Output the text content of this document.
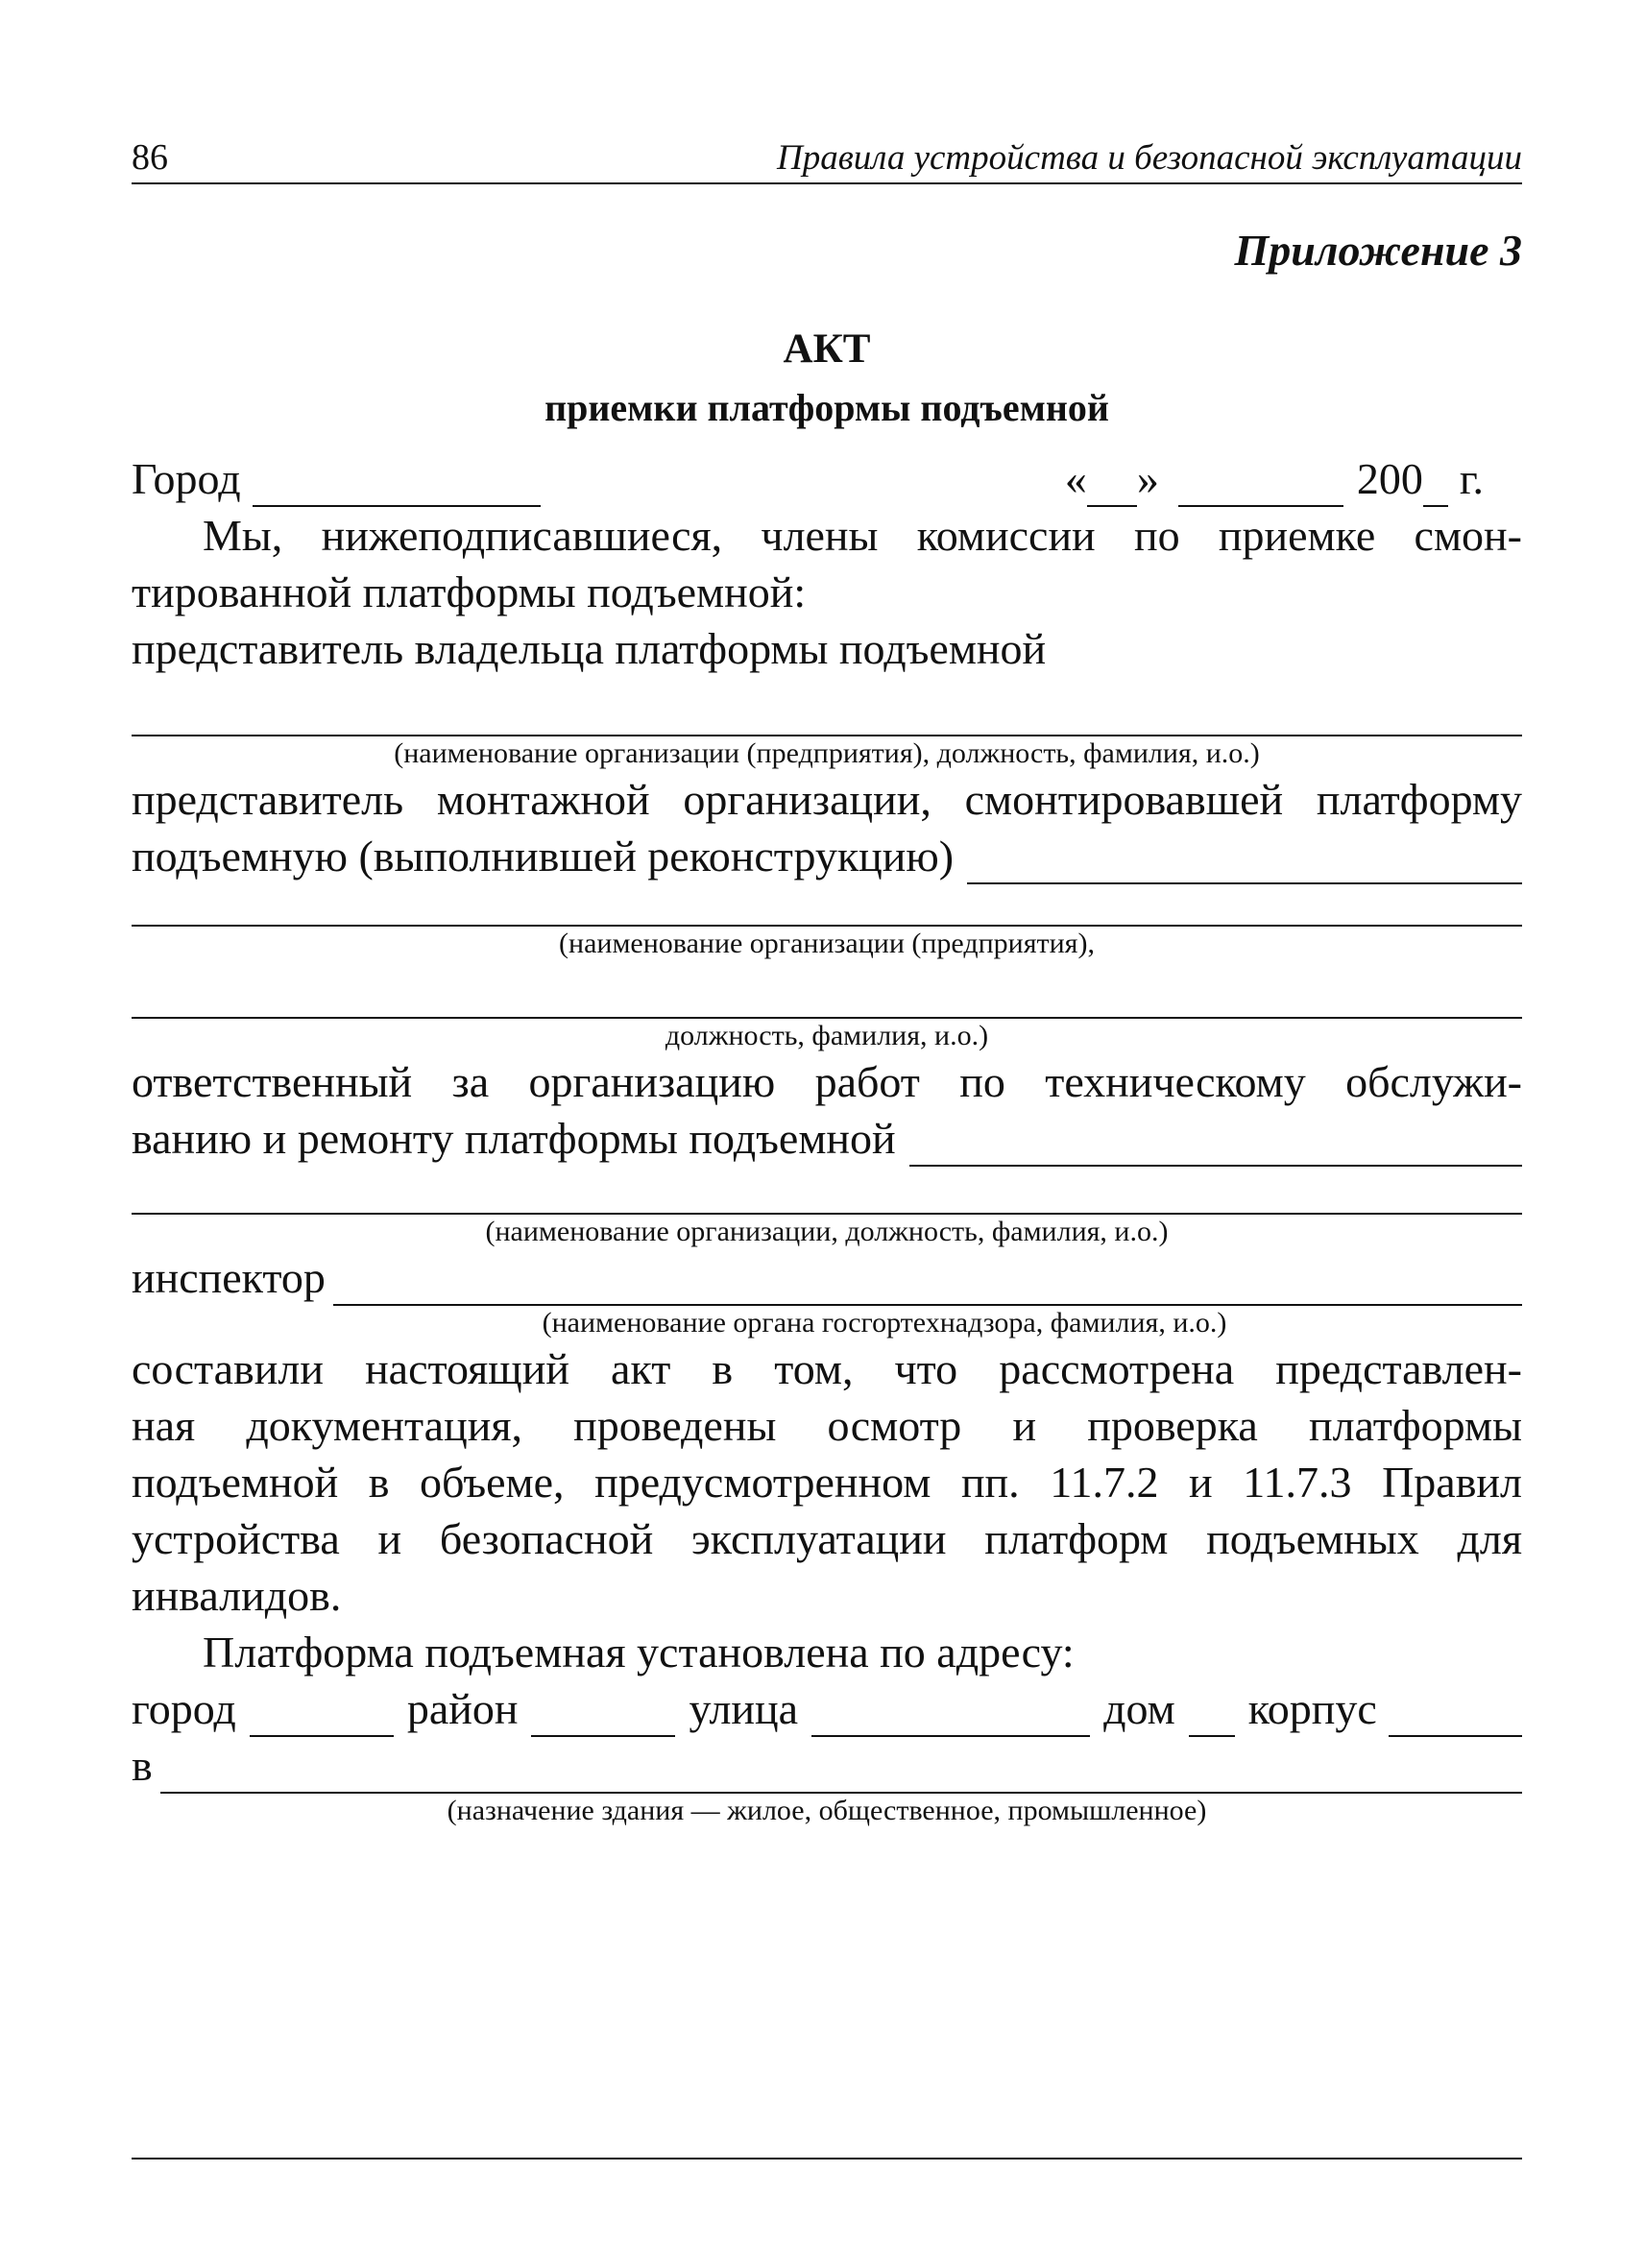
86	Правила устройства и безопасной эксплуатации
Приложение 3
АКТ
приемки платформы подъемной
Город	« »	200 г.
Мы, нижеподписавшиеся, члены комиссии по приемке смон-
тированной платформы подъемной:
представитель владельца платформы подъемной
(наименование организации (предприятия), должность, фамилия, и.о.)
представитель монтажной организации, смонтировавшей платформу
подъемную (выполнившей реконструкцию)
(наименование организации (предприятия),
должность, фамилия, и.о.)
ответственный за организацию работ по техническому обслужи-
ванию и ремонту платформы подъемной
(наименование организации, должность, фамилия, и.о.)
инспектор
(наименование органа госгортехнадзора, фамилия, и.о.)
составили настоящий акт в том, что рассмотрена представлен-
ная документация, проведены осмотр и проверка платформы
подъемной в объеме, предусмотренном пп. 11.7.2 и 11.7.3 Правил
устройства и безопасной эксплуатации платформ подъемных для
инвалидов.
Платформа подъемная установлена по адресу:
город	район	улица	дом корпус
в
(назначение здания — жилое, общественное, промышленное)
